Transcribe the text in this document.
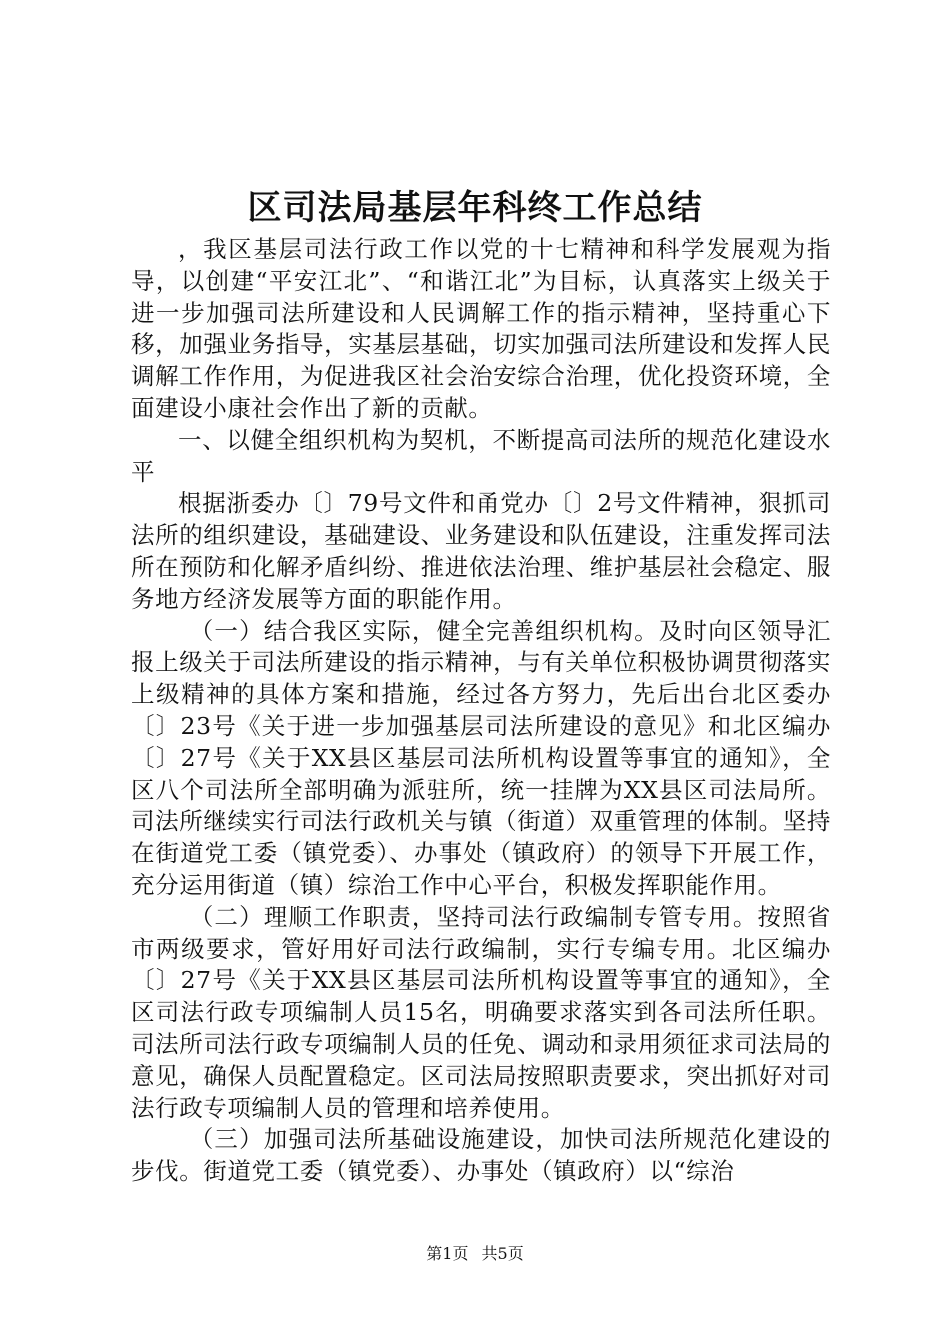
区司法局基层年科终工作总结

，我区基层司法行政工作以党的十七精神和科学发展观为指导，以创建“平安江北”、“和谐江北”为目标，认真落实上级关于进一步加强司法所建设和人民调解工作的指示精神，坚持重心下移，加强业务指导，实基层基础，切实加强司法所建设和发挥人民调解工作作用，为促进我区社会治安综合治理，优化投资环境，全面建设小康社会作出了新的贡献。

一、以健全组织机构为契机，不断提高司法所的规范化建设水平

根据浙委办〔〕79号文件和甬党办〔〕2号文件精神，狠抓司法所的组织建设，基础建设、业务建设和队伍建设，注重发挥司法所在预防和化解矛盾纠纷、推进依法治理、维护基层社会稳定、服务地方经济发展等方面的职能作用。

（一）结合我区实际，健全完善组织机构。及时向区领导汇报上级关于司法所建设的指示精神，与有关单位积极协调贯彻落实上级精神的具体方案和措施，经过各方努力，先后出台北区委办〔〕23号《关于进一步加强基层司法所建设的意见》和北区编办〔〕27号《关于XX县区基层司法所机构设置等事宜的通知》，全区八个司法所全部明确为派驻所，统一挂牌为XX县区司法局所。司法所继续实行司法行政机关与镇（街道）双重管理的体制。坚持在街道党工委（镇党委）、办事处（镇政府）的领导下开展工作，充分运用街道（镇）综治工作中心平台，积极发挥职能作用。

（二）理顺工作职责，坚持司法行政编制专管专用。按照省市两级要求，管好用好司法行政编制，实行专编专用。北区编办〔〕27号《关于XX县区基层司法所机构设置等事宜的通知》，全区司法行政专项编制人员15名，明确要求落实到各司法所任职。司法所司法行政专项编制人员的任免、调动和录用须征求司法局的意见，确保人员配置稳定。区司法局按照职责要求，突出抓好对司法行政专项编制人员的管理和培养使用。

（三）加强司法所基础设施建设，加快司法所规范化建设的步伐。街道党工委（镇党委）、办事处（镇政府）以“综治

第1页 共5页
